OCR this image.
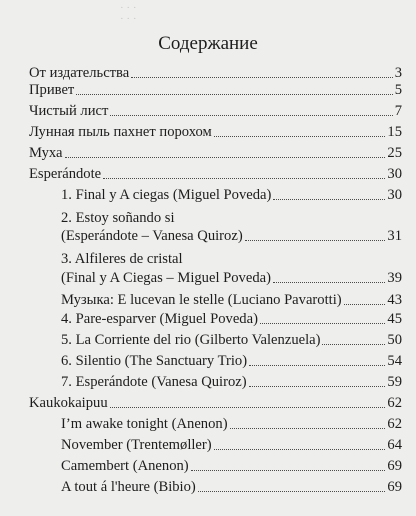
· · ·
· · ·
Содержание
От издательства	3
Привет	5
Чистый лист	7
Лунная пыль пахнет порохом	15
Муха	25
Esperándote	30
1. Final y A ciegas (Miguel Poveda)	30
2. Estoy soñando si
(Esperándote – Vanesa Quiroz)	31
3. Alfileres de cristal
(Final y A Ciegas – Miguel Poveda)	39
Музыка: E lucevan le stelle (Luciano Pavarotti)	43
4. Pare-esparver (Miguel Poveda)	45
5. La Corriente del rio (Gilberto Valenzuela)	50
6. Silentio (The Sanctuary Trio)	54
7. Esperándote (Vanesa Quiroz)	59
Kaukokaipuu	62
I’m awake tonight (Anenon)	62
November (Trentemøller)	64
Camembert (Anenon)	69
A tout á l'heure (Bibio)	69
